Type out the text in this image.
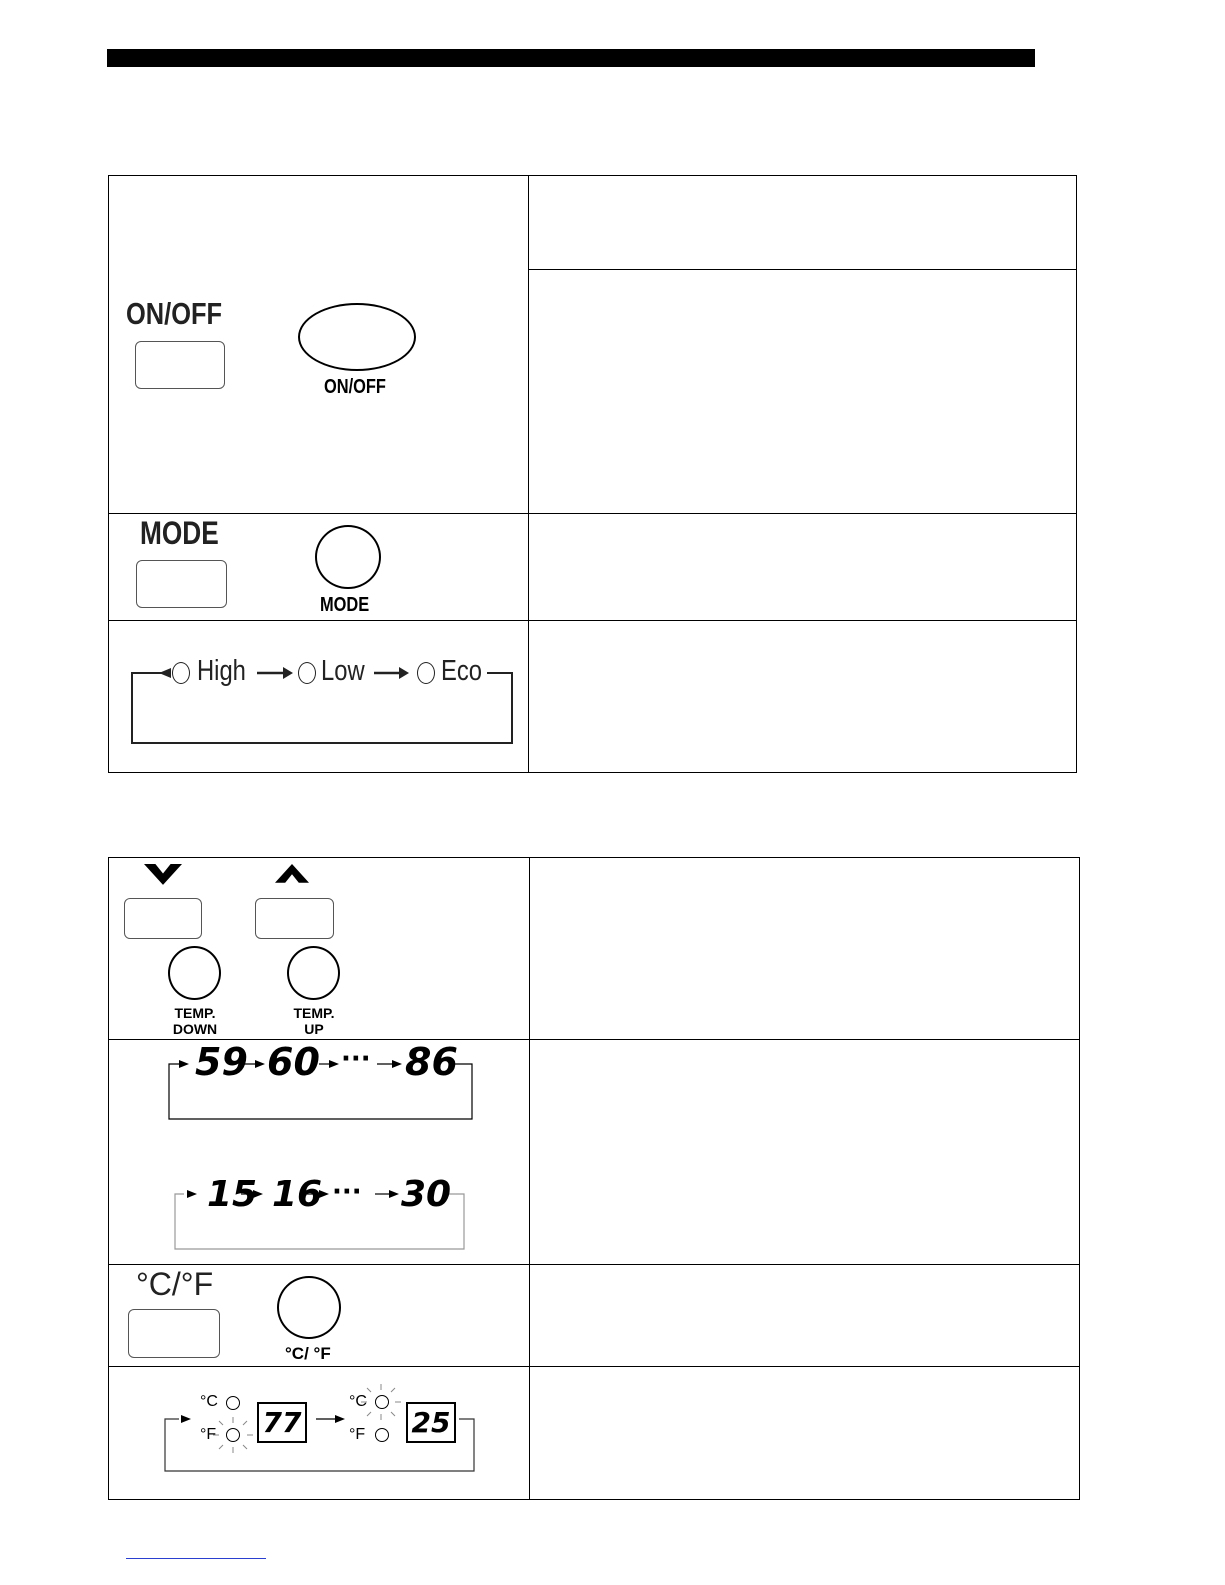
ON/OFF
ON/OFF
MODE
MODE
High	Low	Eco
TEMP.
DOWN
TEMP.
UP
59 60 ··· 86
15 16 ··· 30
°C/°F
°C/ °F
°C
°F 77
°C
°F 25
